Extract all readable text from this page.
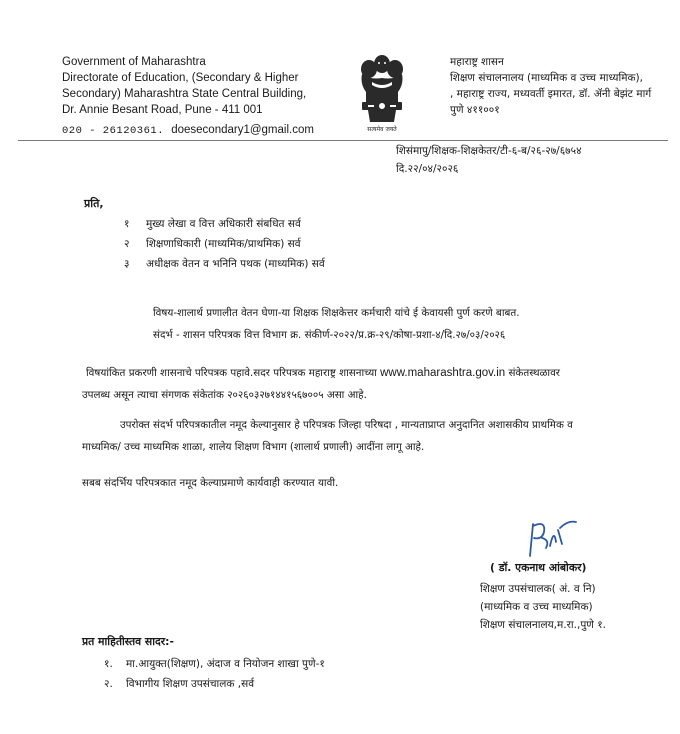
Government of Maharashtra
Directorate of Education, (Secondary & Higher
Secondary) Maharashtra State Central Building,
Dr. Annie Besant Road, Pune - 411 001
020 - 26120361. doesecondary1@gmail.com	सत्यमेव जयते
महाराष्ट्र शासन
शिक्षण संचालनालय (माध्यमिक व उच्च माध्यमिक),
, महाराष्ट्र राज्य, मध्यवर्ती इमारत, डॉ. ॲनी बेझंट मार्ग
पुणे ४११००१
शिसंमापु/शिक्षक-शिक्षकेतर/टी-६-ब/२६-२७/६७५४
दि.२२/०४/२०२६
प्रति,
१ मुख्य लेखा व वित्त अधिकारी संबधित सर्व
२ शिक्षणाधिकारी (माध्यमिक/प्राथमिक) सर्व
३ अधीक्षक वेतन व भनिनि पथक (माध्यमिक) सर्व
विषय-शालार्थ प्रणालीत वेतन घेणा-या शिक्षक शिक्षकेत्तर कर्मचारी यांचे ई केवायसी पुर्ण करणे बाबत.
संदर्भ - शासन परिपत्रक वित्त विभाग क्र. संकीर्ण-२०२२/प्र.क्र-२९/कोषा-प्रशा-४/दि.२७/०३/२०२६
विषयांकित प्रकरणी शासनाचे परिपत्रक पहावे.सदर परिपत्रक महाराष्ट्र शासनाच्या www.maharashtra.gov.in संकेतस्थळावर
उपलब्ध असून त्याचा संगणक संकेतांक २०२६०३२७१४४१५६७००५ असा आहे.
उपरोक्त संदर्भ परिपत्रकातील नमूद केल्यानुसार हे परिपत्रक जिल्हा परिषदा , मान्यताप्राप्त अनुदानित अशासकीय प्राथमिक व
माध्यमिक/ उच्च माध्यमिक शाळा, शालेय शिक्षण विभाग (शालार्थ प्रणाली) आदींना लागू आहे.
सबब संदर्भिय परिपत्रकात नमूद केल्याप्रमाणे कार्यवाही करण्यात यावी.
( डॉ. एकनाथ आंबोकर)
शिक्षण उपसंचालक( अं. व नि)
(माध्यमिक व उच्च माध्यमिक)
शिक्षण संचालनालय,म.रा.,पुणे १.
प्रत माहितीस्तव सादर:-
१. मा.आयुक्त(शिक्षण), अंदाज व नियोजन शाखा पुणे-१
२. विभागीय शिक्षण उपसंचालक ,सर्व
